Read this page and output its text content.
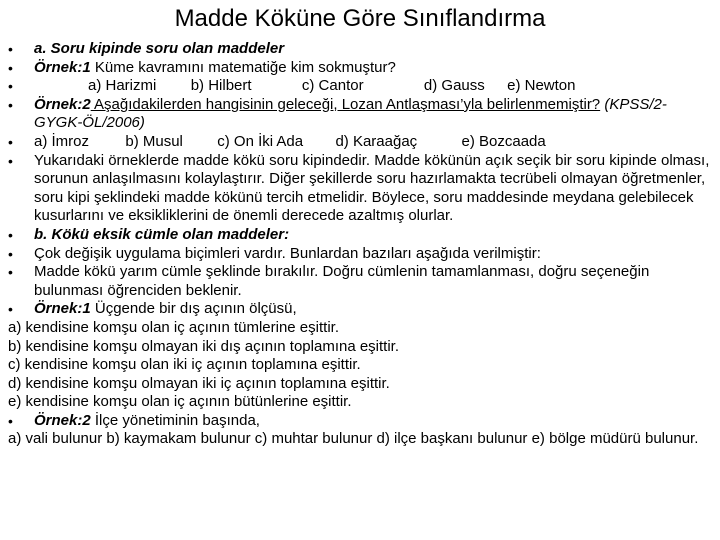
Madde Köküne Göre Sınıflandırma
• a. Soru kipinde soru olan maddeler
• Örnek:1 Küme kavramını matematiğe kim sokmuştur?
• a) Harizmi b) Hilbert	c) Cantor	d) Gauss e) Newton
• Örnek:2 Aşağıdakilerden hangisinin geleceği, Lozan Antlaşması’yla belirlenmemiştir? (KPSS/2-GYGK-ÖL/2006)
• a) İmroz b) Musul c) On İki Ada d) Karaağaç	e) Bozcaada
• Yukarıdaki örneklerde madde kökü soru kipindedir. Madde kökünün açık seçik bir soru kipinde olması, sorunun anlaşılmasını kolaylaştırır. Diğer şekillerde soru hazırlamakta tecrübeli olmayan öğretmenler, soru kipi şeklindeki madde kökünü tercih etmelidir. Böylece, soru maddesinde meydana gelebilecek kusurlarını ve eksikliklerini de önemli derecede azaltmış olurlar.
• b. Kökü eksik cümle olan maddeler:
• Çok değişik uygulama biçimleri vardır. Bunlardan bazıları aşağıda verilmiştir:
• Madde kökü yarım cümle şeklinde bırakılır. Doğru cümlenin tamamlanması, doğru seçeneğin bulunması öğrenciden beklenir.
• Örnek:1 Üçgende bir dış açının ölçüsü,
a) kendisine komşu olan iç açının tümlerine eşittir.
b) kendisine komşu olmayan iki dış açının toplamına eşittir.
c) kendisine komşu olan iki iç açının toplamına eşittir.
d) kendisine komşu olmayan iki iç açının toplamına eşittir.
e) kendisine komşu olan iç açının bütünlerine eşittir.
• Örnek:2 İlçe yönetiminin başında,
a) vali bulunur b) kaymakam bulunur c) muhtar bulunur d) ilçe başkanı bulunur e) bölge müdürü bulunur.
